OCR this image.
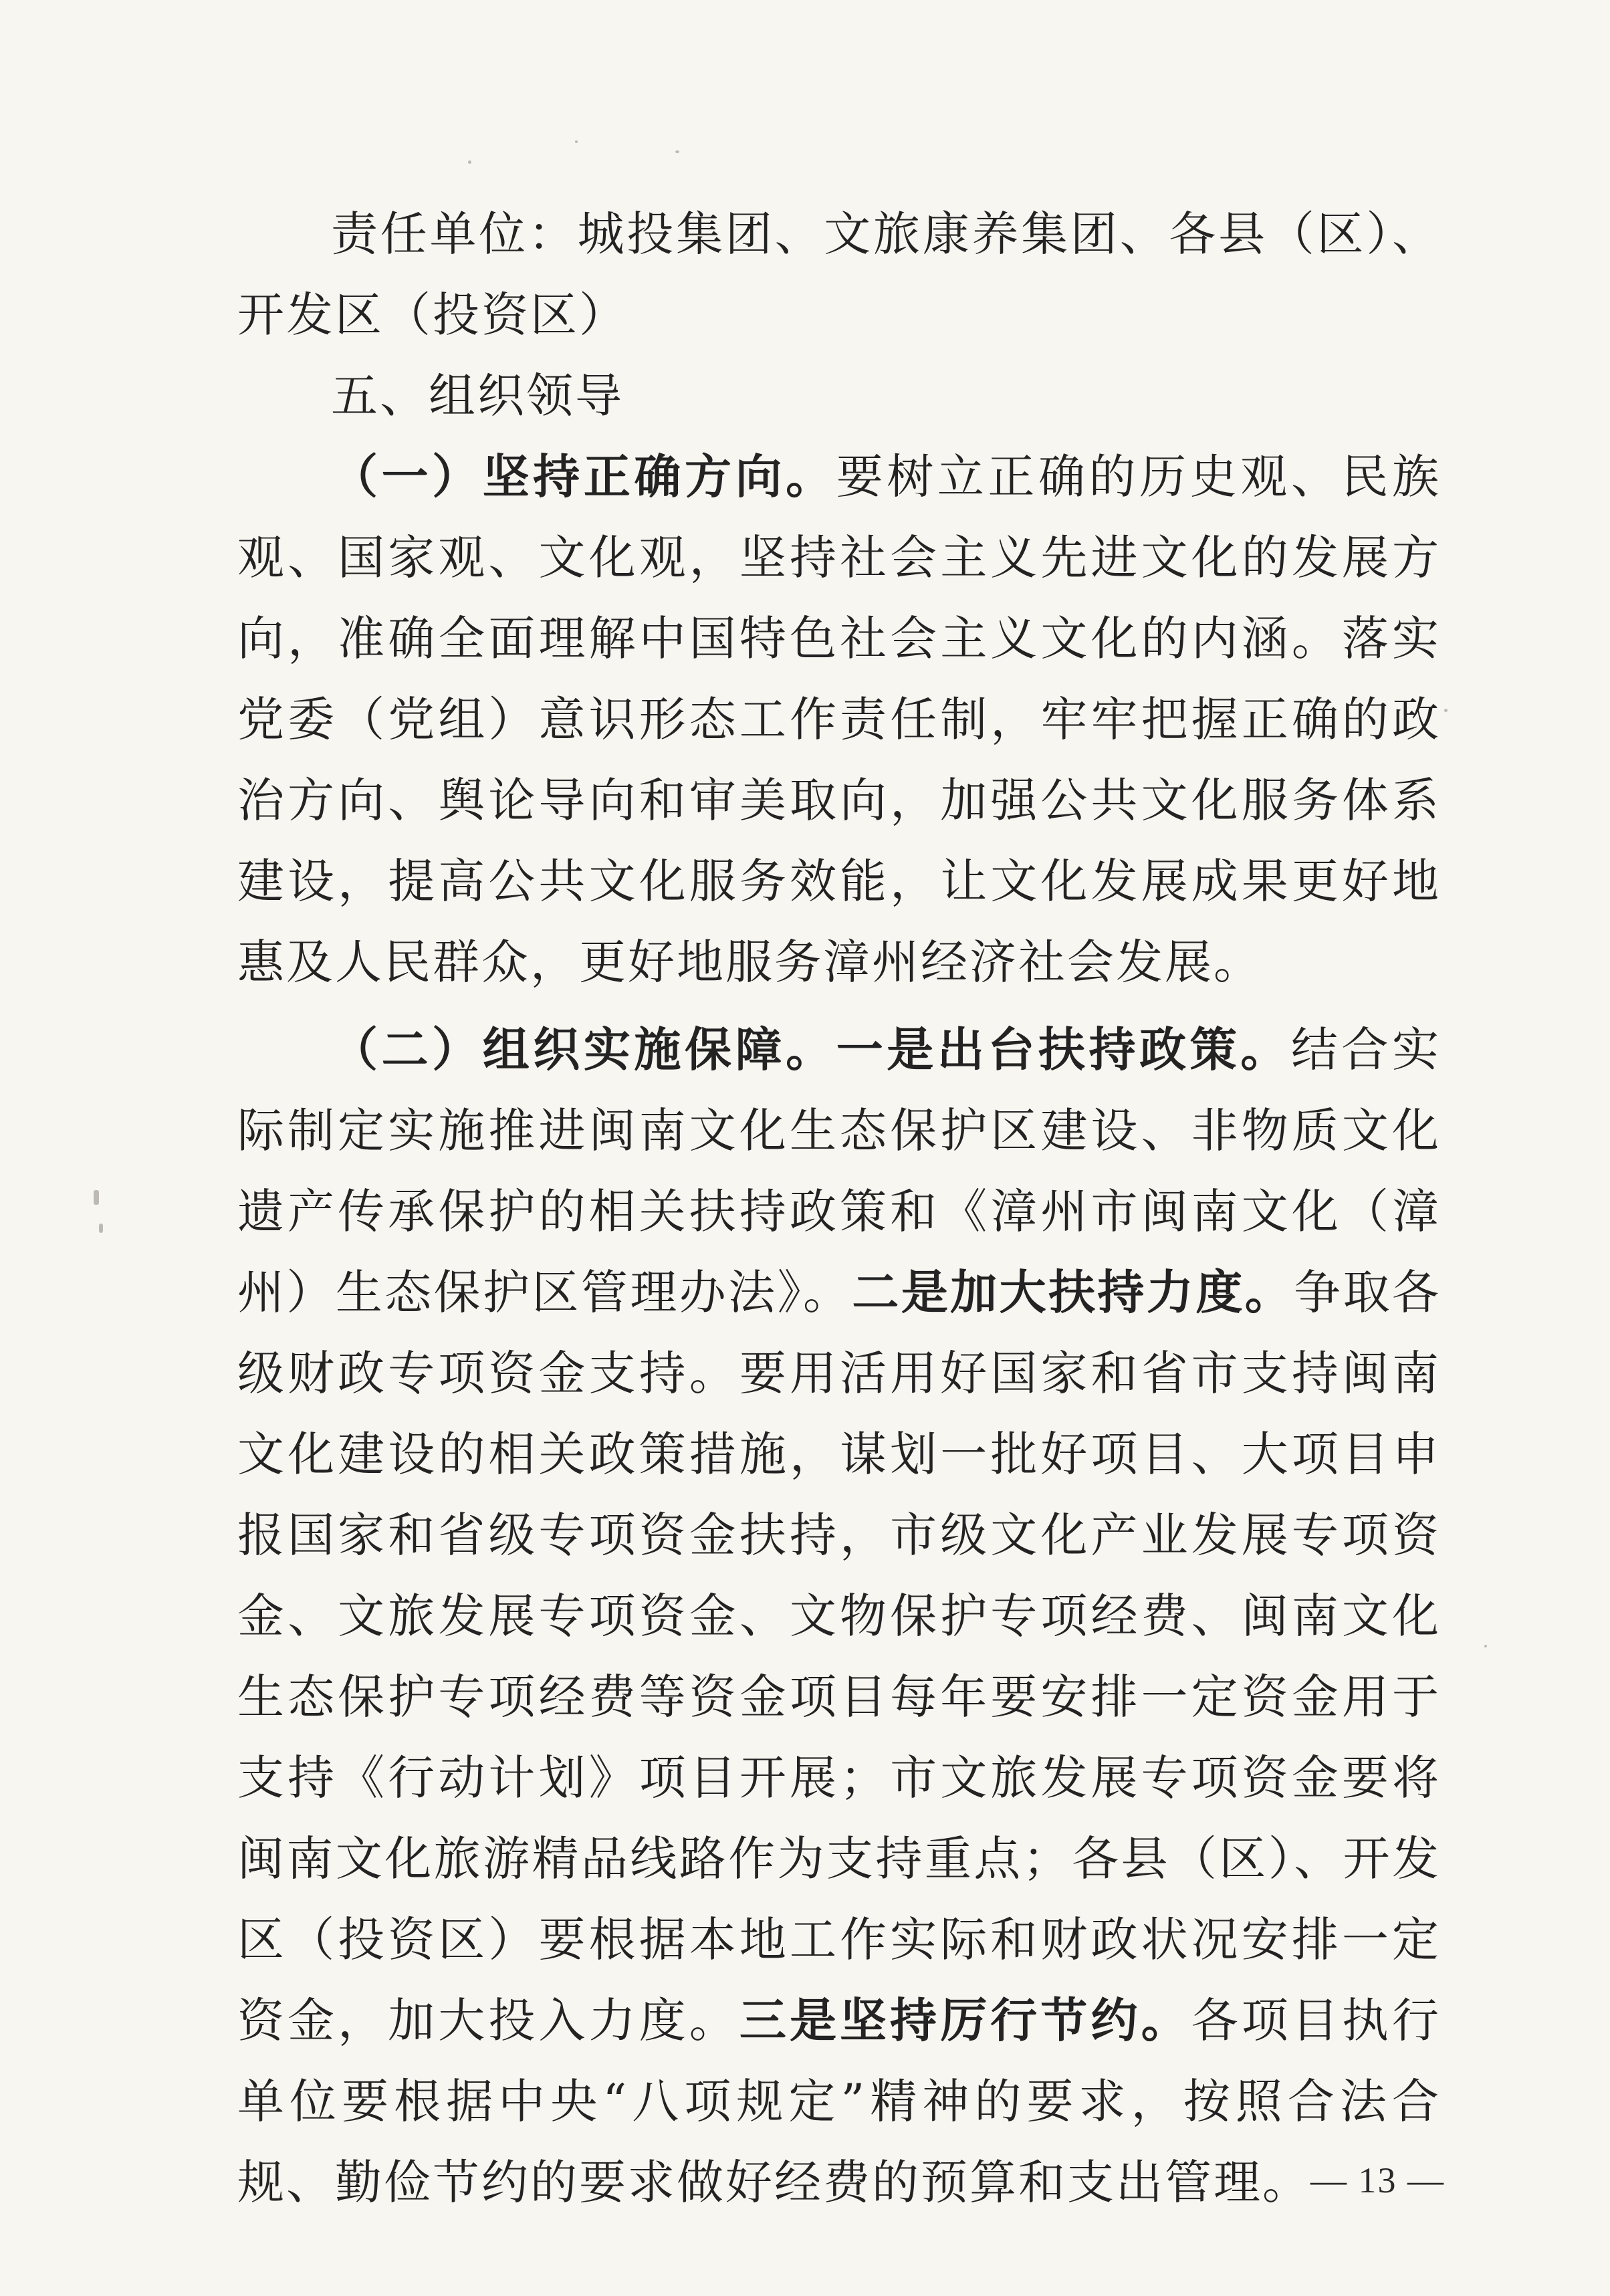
责任单位：城投集团、文旅康养集团、各县（区）、开发区（投资区）

五、组织领导

（一）坚持正确方向。要树立正确的历史观、民族观、国家观、文化观，坚持社会主义先进文化的发展方向，准确全面理解中国特色社会主义文化的内涵。落实党委（党组）意识形态工作责任制，牢牢把握正确的政治方向、舆论导向和审美取向，加强公共文化服务体系建设，提高公共文化服务效能，让文化发展成果更好地惠及人民群众，更好地服务漳州经济社会发展。

（二）组织实施保障。一是出台扶持政策。结合实际制定实施推进闽南文化生态保护区建设、非物质文化遗产传承保护的相关扶持政策和《漳州市闽南文化（漳州）生态保护区管理办法》。二是加大扶持力度。争取各级财政专项资金支持。要用活用好国家和省市支持闽南文化建设的相关政策措施，谋划一批好项目、大项目申报国家和省级专项资金扶持，市级文化产业发展专项资金、文旅发展专项资金、文物保护专项经费、闽南文化生态保护专项经费等资金项目每年要安排一定资金用于支持《行动计划》项目开展；市文旅发展专项资金要将闽南文化旅游精品线路作为支持重点；各县（区）、开发区（投资区）要根据本地工作实际和财政状况安排一定资金，加大投入力度。三是坚持厉行节约。各项目执行单位要根据中央“八项规定”精神的要求，按照合法合规、勤俭节约的要求做好经费的预算和支出管理。 — 13 —
